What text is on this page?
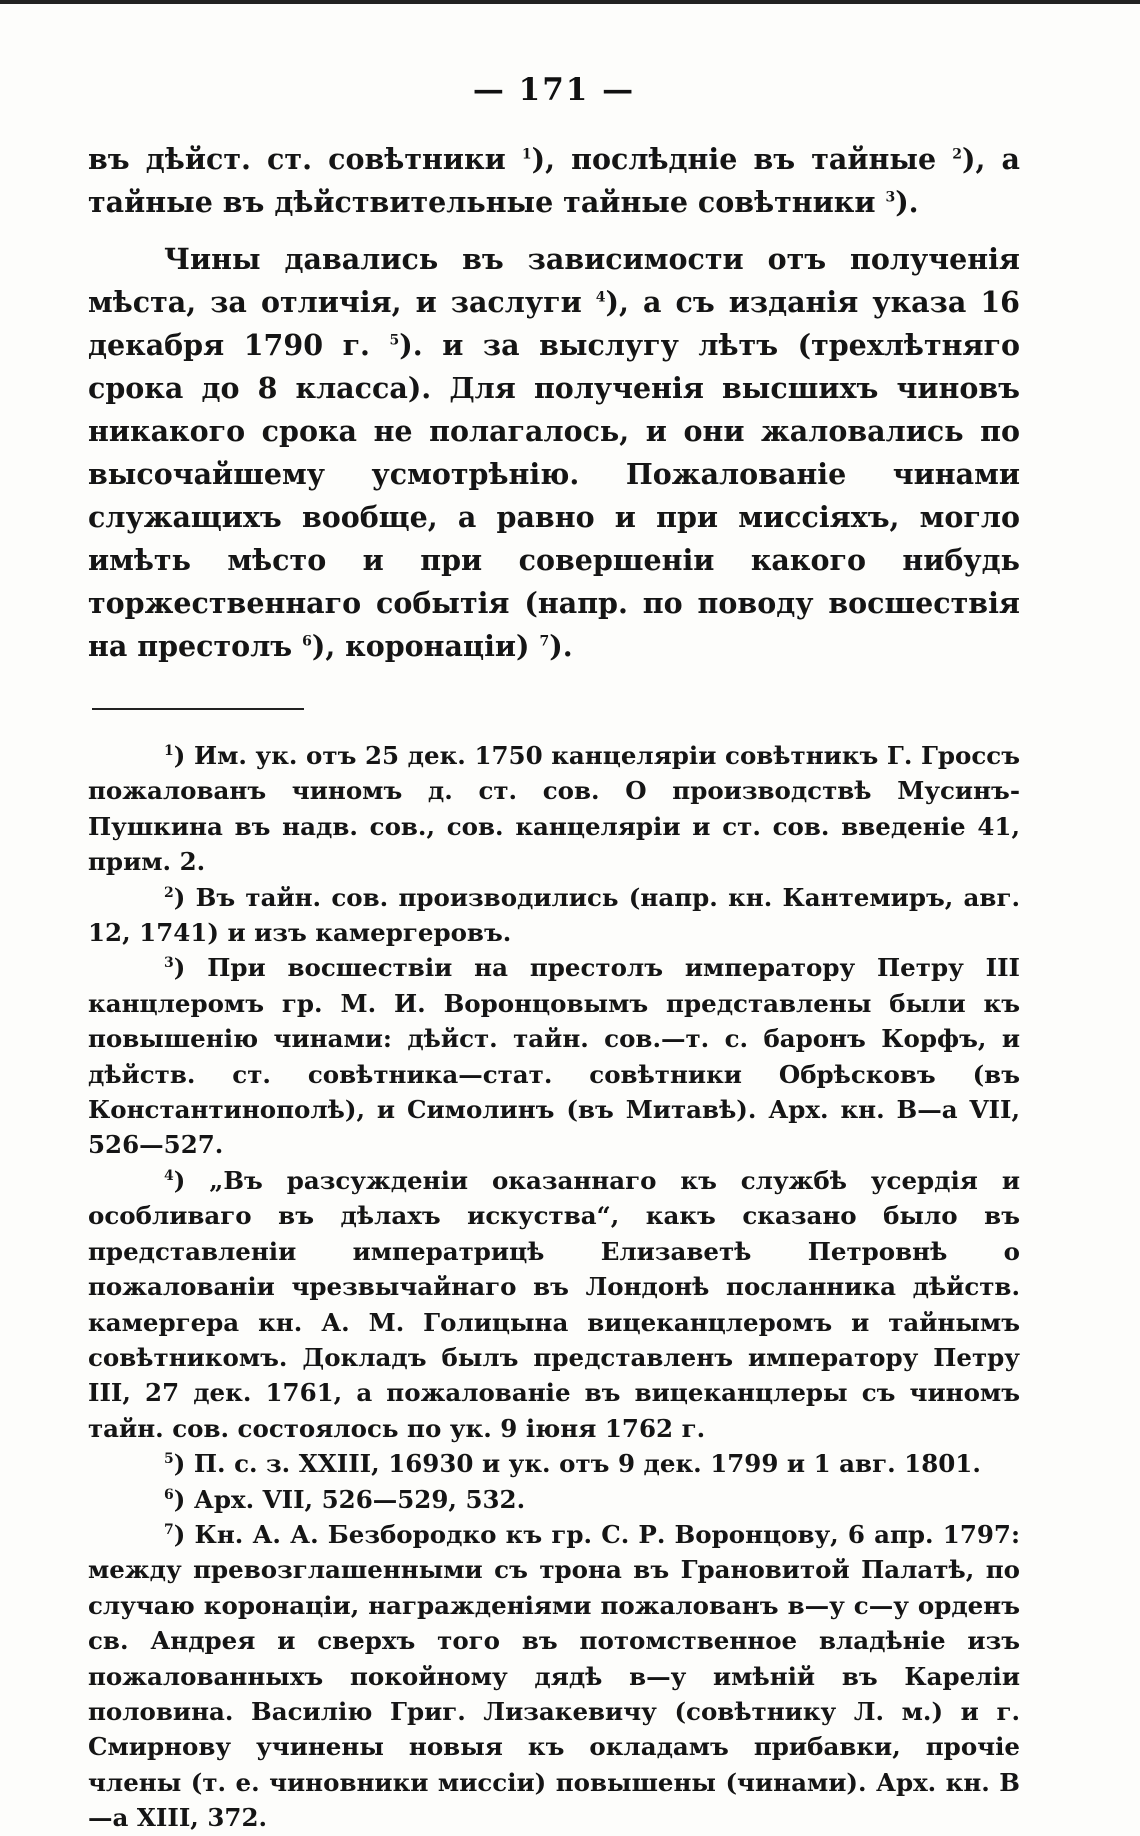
— 171 —

въ дѣйст. ст. совѣтники $^1$), послѣдніе въ тайные $^2$), а тайные въ дѣйствительные тайные совѣтники $^3$).

Чины давались въ зависимости отъ полученія мѣста, за отличія, и заслуги $^4$), а съ изданія указа 16 декабря 1790 г. $^5$). и за выслугу лѣтъ (трехлѣтняго срока до 8 класса). Для полученія высшихъ чиновъ никакого срока не полагалось, и они жаловались по высочайшему усмотрѣнію. Пожалованіе чинами служащихъ вообще, а равно и при миссіяхъ, могло имѣть мѣсто и при совершеніи какого нибудь торжественнаго событія (напр. по поводу восшествія на престолъ $^6$), коронаціи) $^7$).

$^1$) Им. ук. отъ 25 дек. 1750 канцеляріи совѣтникъ Г. Гроссъ пожалованъ чиномъ д. ст. сов. О производствѣ Мусинъ-Пушкина въ надв. сов., сов. канцеляріи и ст. сов. введеніе 41, прим. 2.

$^2$) Въ тайн. сов. производились (напр. кн. Кантемиръ, авг. 12, 1741) и изъ камергеровъ.

$^3$) При восшествіи на престолъ императору Петру III канцлеромъ гр. М. И. Воронцовымъ представлены были къ повышенію чинами: дѣйст. тайн. сов.—т. с. баронъ Корфъ, и дѣйств. ст. совѣтника—стат. совѣтники Обрѣсковъ (въ Константинополѣ), и Симолинъ (въ Митавѣ). Арх. кн. В—а VII, 526—527.

$^4$) „Въ разсужденіи оказаннаго къ службѣ усердія и особливаго въ дѣлахъ искуства“, какъ сказано было въ представленіи императрицѣ Елизаветѣ Петровнѣ о пожалованіи чрезвычайнаго въ Лондонѣ посланника дѣйств. камергера кн. А. М. Голицына вицеканцлеромъ и тайнымъ совѣтникомъ. Докладъ былъ представленъ императору Петру III, 27 дек. 1761, а пожалованіе въ вицеканцлеры съ чиномъ тайн. сов. состоялось по ук. 9 іюня 1762 г.

$^5$) П. с. з. XXIII, 16930 и ук. отъ 9 дек. 1799 и 1 авг. 1801.

$^6$) Арх. VII, 526—529, 532.

$^7$) Кн. А. А. Безбородко къ гр. С. Р. Воронцову, 6 апр. 1797: между превозглашенными съ трона въ Грановитой Палатѣ, по случаю коронаціи, награжденіями пожалованъ в—у с—у орденъ св. Андрея и сверхъ того въ потомственное владѣніе изъ пожалованныхъ покойному дядѣ в—у имѣній въ Кареліи половина. Василію Григ. Лизакевичу (совѣтнику Л. м.) и г. Смирнову учинены новыя къ окладамъ прибавки, прочіе члены (т. е. чиновники миссіи) повышены (чинами). Арх. кн. В—а XIII, 372.
